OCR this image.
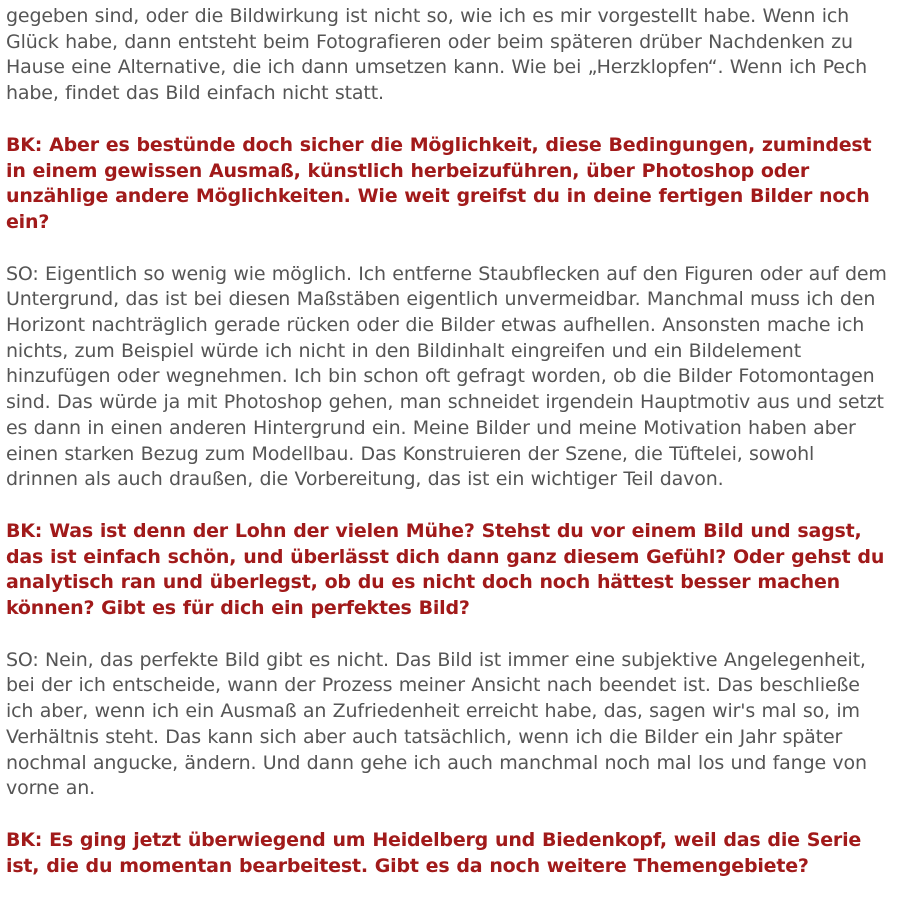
gegeben sind, oder die Bildwirkung ist nicht so, wie ich es mir vorgestellt habe. Wenn ich Glück habe, dann entsteht beim Fotografieren oder beim späteren drüber Nachdenken zu Hause eine Alternative, die ich dann umsetzen kann. Wie bei „Herzklopfen“. Wenn ich Pech habe, findet das Bild einfach nicht statt.

BK: Aber es bestünde doch sicher die Möglichkeit, diese Bedingungen, zumindest in einem gewissen Ausmaß, künstlich herbeizuführen, über Photoshop oder unzählige andere Möglichkeiten. Wie weit greifst du in deine fertigen Bilder noch ein?

SO: Eigentlich so wenig wie möglich. Ich entferne Staubflecken auf den Figuren oder auf dem Untergrund, das ist bei diesen Maßstäben eigentlich unvermeidbar. Manchmal muss ich den Horizont nachträglich gerade rücken oder die Bilder etwas aufhellen. Ansonsten mache ich nichts, zum Beispiel würde ich nicht in den Bildinhalt eingreifen und ein Bildelement hinzufügen oder wegnehmen. Ich bin schon oft gefragt worden, ob die Bilder Fotomontagen sind. Das würde ja mit Photoshop gehen, man schneidet irgendein Hauptmotiv aus und setzt es dann in einen anderen Hintergrund ein. Meine Bilder und meine Motivation haben aber einen starken Bezug zum Modellbau. Das Konstruieren der Szene, die Tüftelei, sowohl drinnen als auch draußen, die Vorbereitung, das ist ein wichtiger Teil davon.

BK: Was ist denn der Lohn der vielen Mühe? Stehst du vor einem Bild und sagst, das ist einfach schön, und überlässt dich dann ganz diesem Gefühl? Oder gehst du analytisch ran und überlegst, ob du es nicht doch noch hättest besser machen können? Gibt es für dich ein perfektes Bild?

SO: Nein, das perfekte Bild gibt es nicht. Das Bild ist immer eine subjektive Angelegenheit, bei der ich entscheide, wann der Prozess meiner Ansicht nach beendet ist. Das beschließe ich aber, wenn ich ein Ausmaß an Zufriedenheit erreicht habe, das, sagen wir's mal so, im Verhältnis steht. Das kann sich aber auch tatsächlich, wenn ich die Bilder ein Jahr später nochmal angucke, ändern. Und dann gehe ich auch manchmal noch mal los und fange von vorne an.

BK: Es ging jetzt überwiegend um Heidelberg und Biedenkopf, weil das die Serie ist, die du momentan bearbeitest. Gibt es da noch weitere Themengebiete?
